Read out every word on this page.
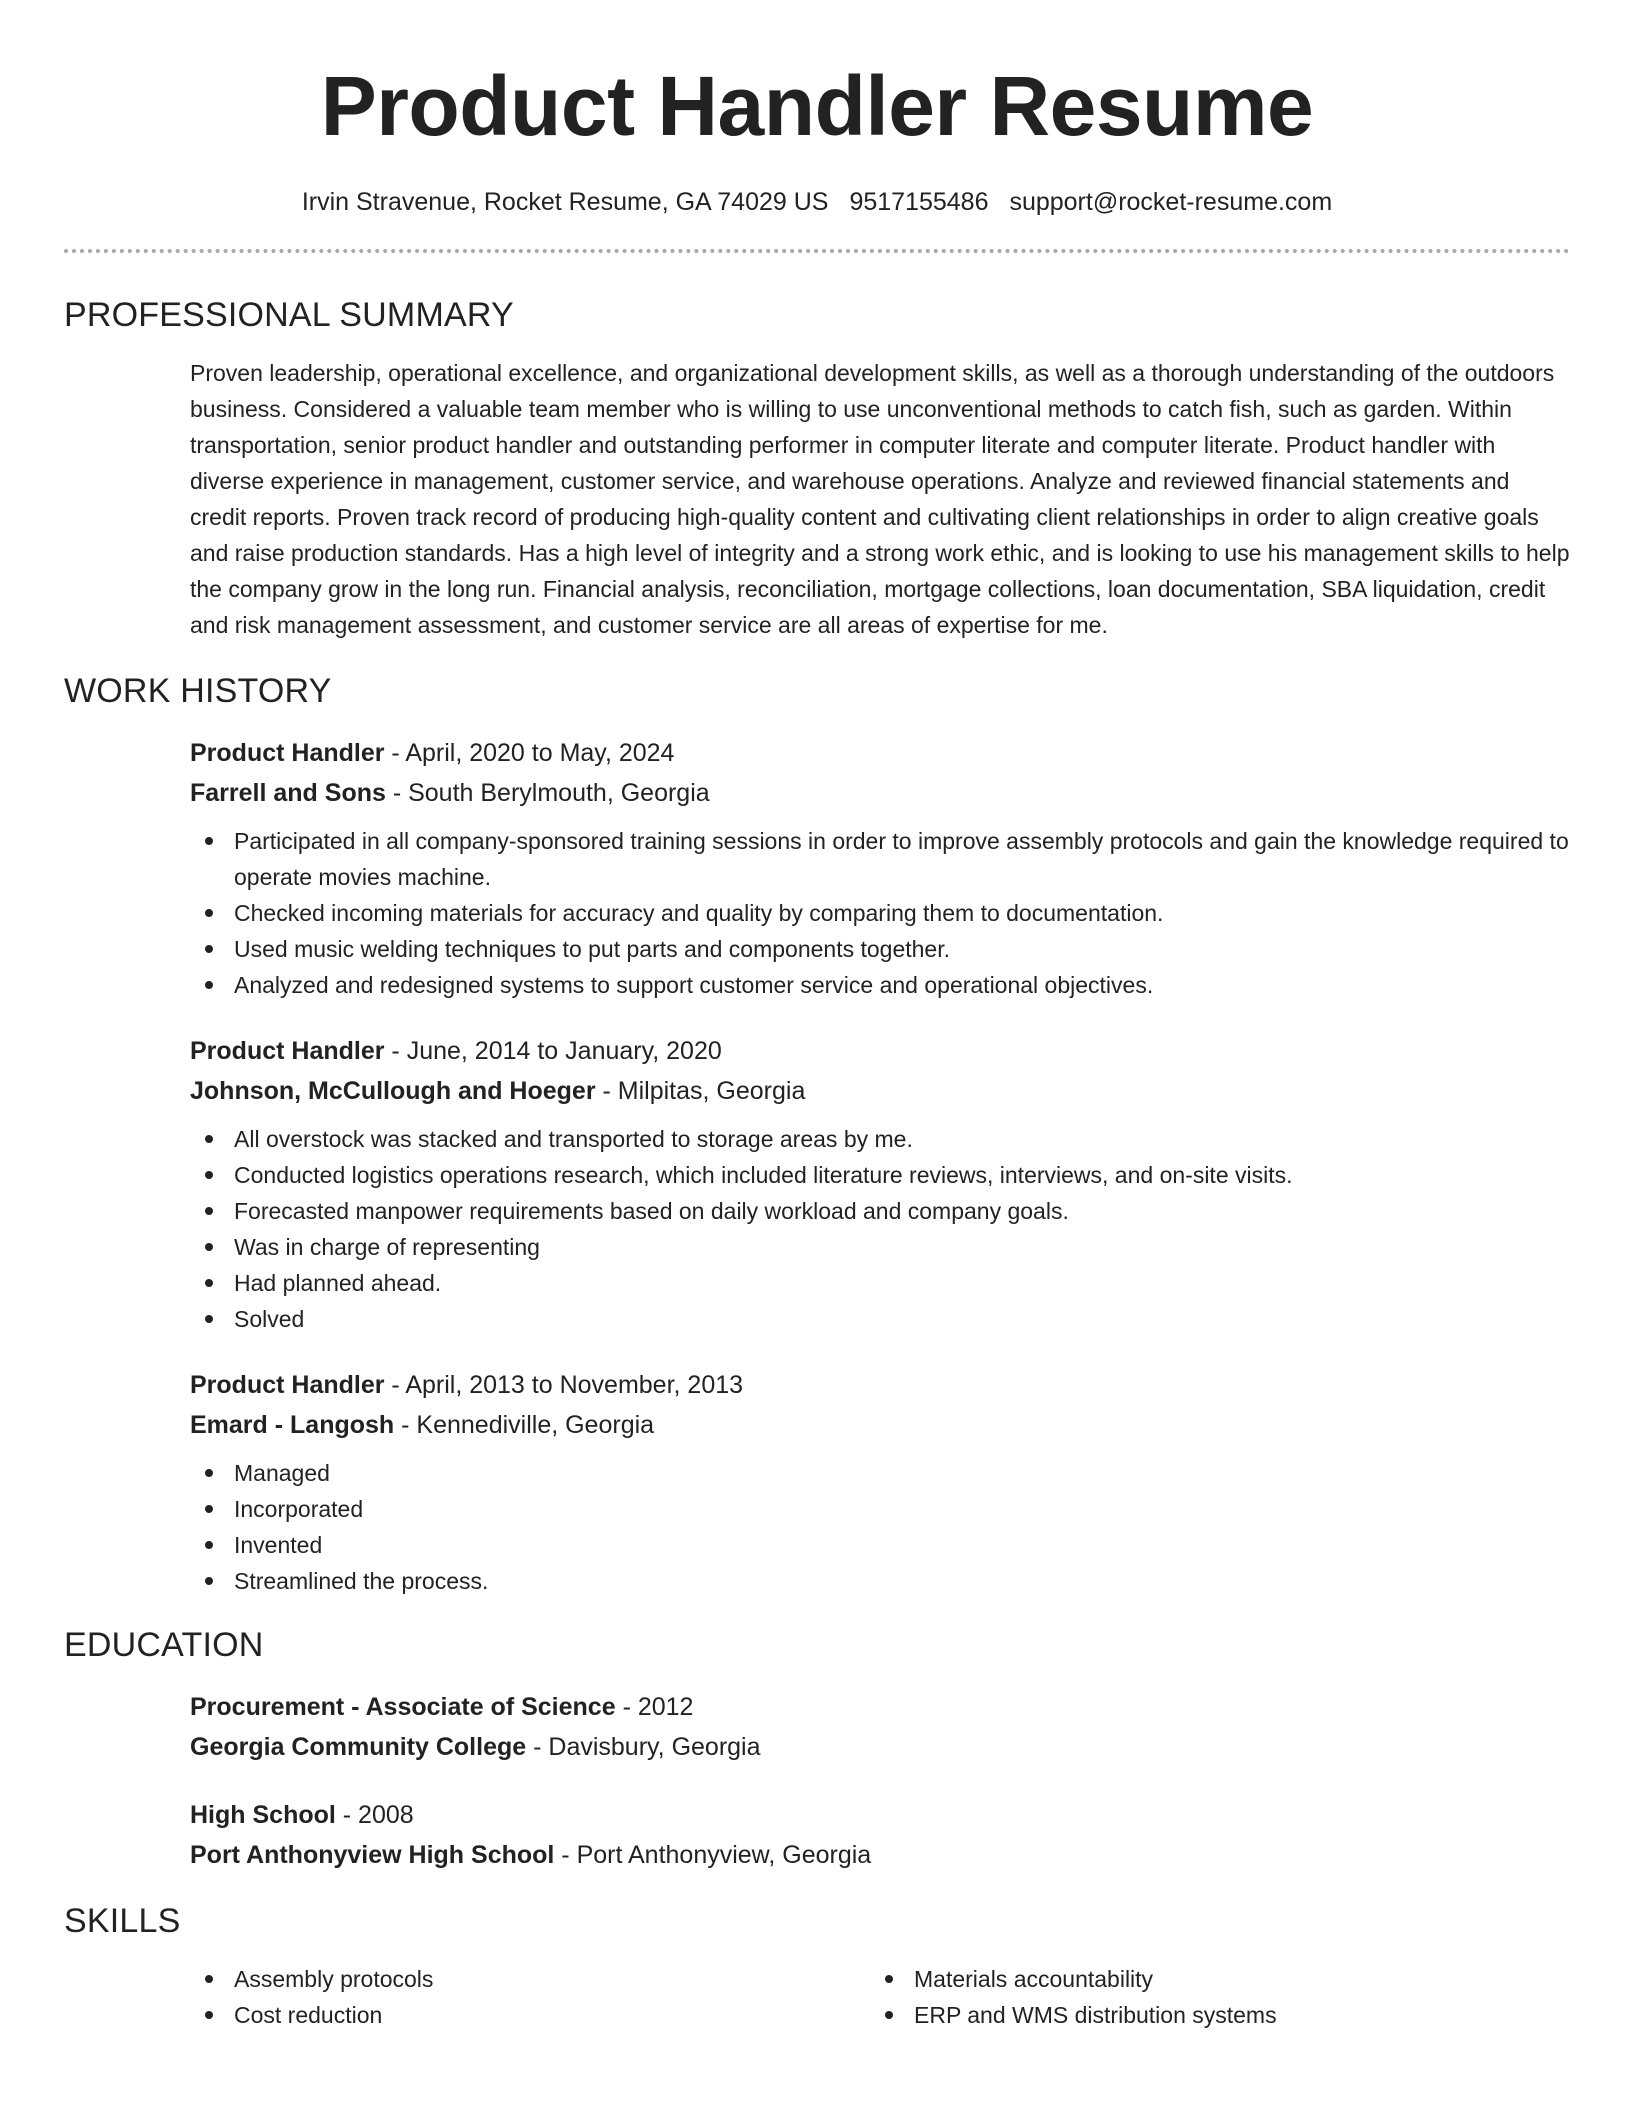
Product Handler Resume
Irvin Stravenue, Rocket Resume, GA 74029 US 9517155486 support@rocket-resume.com
PROFESSIONAL SUMMARY

Proven leadership, operational excellence, and organizational development skills, as well as a thorough understanding of the outdoors business. Considered a valuable team member who is willing to use unconventional methods to catch fish, such as garden. Within transportation, senior product handler and outstanding performer in computer literate and computer literate. Product handler with diverse experience in management, customer service, and warehouse operations. Analyze and reviewed financial statements and credit reports. Proven track record of producing high-quality content and cultivating client relationships in order to align creative goals and raise production standards. Has a high level of integrity and a strong work ethic, and is looking to use his management skills to help the company grow in the long run. Financial analysis, reconciliation, mortgage collections, loan documentation, SBA liquidation, credit and risk management assessment, and customer service are all areas of expertise for me.

WORK HISTORY
Product Handler - April, 2020 to May, 2024
Farrell and Sons - South Berylmouth, Georgia
Participated in all company-sponsored training sessions in order to improve assembly protocols and gain the knowledge required to operate movies machine.
Checked incoming materials for accuracy and quality by comparing them to documentation.
Used music welding techniques to put parts and components together.
Analyzed and redesigned systems to support customer service and operational objectives.
Product Handler - June, 2014 to January, 2020
Johnson, McCullough and Hoeger - Milpitas, Georgia
All overstock was stacked and transported to storage areas by me.
Conducted logistics operations research, which included literature reviews, interviews, and on-site visits.
Forecasted manpower requirements based on daily workload and company goals.
Was in charge of representing
Had planned ahead.
Solved
Product Handler - April, 2013 to November, 2013
Emard - Langosh - Kennediville, Georgia
Managed
Incorporated
Invented
Streamlined the process.
EDUCATION
Procurement - Associate of Science - 2012
Georgia Community College - Davisbury, Georgia
High School - 2008
Port Anthonyview High School - Port Anthonyview, Georgia
SKILLS
Assembly protocols
Cost reduction
Materials accountability
ERP and WMS distribution systems
